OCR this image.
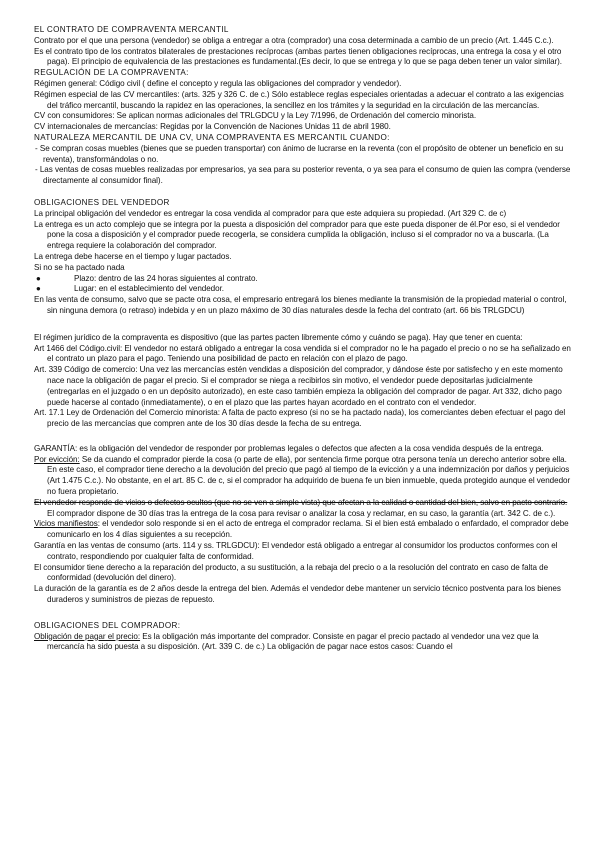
EL CONTRATO DE COMPRAVENTA MERCANTIL

Contrato por el que una persona (vendedor) se obliga a entregar a otra (comprador) una cosa determinada a cambio de un precio (Art. 1.445 C.c.).

Es el contrato tipo de los contratos bilaterales de prestaciones recíprocas (ambas partes tienen obligaciones recíprocas, una entrega la cosa y el otro paga). El principio de equivalencia de las prestaciones es fundamental.(Es decir, lo que se entrega y lo que se paga deben tener un valor similar).

REGULACIÓN DE LA COMPRAVENTA:

Régimen general: Código civil ( define el concepto y regula las obligaciones del comprador y vendedor).

Régimen especial de las CV mercantiles: (arts. 325 y 326 C. de c.) Sólo establece reglas especiales orientadas a adecuar el contrato a las exigencias del tráfico mercantil, buscando la rapidez en las operaciones, la sencillez en los trámites y la seguridad en la circulación de las mercancías.

CV con consumidores: Se aplican normas adicionales del TRLGDCU y la Ley 7/1996, de Ordenación del comercio minorista.

CV internacionales de mercancías: Regidas por la Convención de Naciones Unidas 11 de abril 1980.

NATURALEZA MERCANTIL DE UNA CV, UNA COMPRAVENTA ES MERCANTIL CUANDO:

- Se compran cosas muebles (bienes que se pueden transportar) con ánimo de lucrarse en la reventa (con el propósito de obtener un beneficio en su reventa), transformándolas o no.

- Las ventas de cosas muebles realizadas por empresarios, ya sea para su posterior reventa, o ya sea para el consumo de quien las compra (venderse directamente al consumidor final).

OBLIGACIONES DEL VENDEDOR

La principal obligación del vendedor es entregar la cosa vendida al comprador para que este adquiera su propiedad. (Art 329 C. de c)

La entrega es un acto complejo que se integra por la puesta a disposición del comprador para que este pueda disponer de él.Por eso, si el vendedor pone la cosa a disposición y el comprador puede recogerla, se considera cumplida la obligación, incluso si el comprador no va a buscarla. (La entrega requiere la colaboración del comprador.

La entrega debe hacerse en el tiempo y lugar pactados.

Si no se ha pactado nada

●	Plazo: dentro de las 24 horas siguientes al contrato.
●	Lugar: en el establecimiento del vendedor.

En las venta de consumo, salvo que se pacte otra cosa, el empresario entregará los bienes mediante la transmisión de la propiedad material o control, sin ninguna demora (o retraso) indebida y en un plazo máximo de 30 días naturales desde la fecha del contrato (art. 66 bis TRLGDCU)

El régimen jurídico de la compraventa es dispositivo (que las partes pacten libremente cómo y cuándo se paga). Hay que tener en cuenta:

Art 1466 del Código.civil: El vendedor no estará obligado a entregar la cosa vendida si el comprador no le ha pagado el precio o no se ha señalizado en el contrato un plazo para el pago. Teniendo una posibilidad de pacto en relación con el plazo de pago.

Art. 339 Código de comercio: Una vez las mercancías estén vendidas a disposición del comprador, y dándose éste por satisfecho y en este momento nace nace la obligación de pagar el precio. Si el comprador se niega a recibirlos sin motivo, el vendedor puede depositarlas judicialmente (entregarlas en el juzgado o en un depósito autorizado), en este caso también empieza la obligación del comprador de pagar. Art 332, dicho pago puede hacerse al contado (inmediatamente), o en el plazo que las partes hayan acordado en el contrato con el vendedor.

Art. 17.1 Ley de Ordenación del Comercio minorista: A falta de pacto expreso (si no se ha pactado nada), los comerciantes deben efectuar el pago del precio de las mercancías que compren ante de los 30 días desde la fecha de su entrega.

GARANTÍA: es la obligación del vendedor de responder por problemas legales o defectos que afecten a la cosa vendida después de la entrega.

Por evicción: Se da cuando el comprador pierde la cosa (o parte de ella), por sentencia firme porque otra persona tenía un derecho anterior sobre ella. En este caso, el comprador tiene derecho a la devolución del precio que pagó al tiempo de la evicción y a una indemnización por daños y perjuicios (Art 1.475 C.c.). No obstante, en el art. 85 C. de c, si el comprador ha adquirido de buena fe un bien inmueble, queda protegido aunque el vendedor no fuera propietario.

El vendedor responde de vicios o defectos ocultos (que no se ven a simple vista) que afectan a la calidad o cantidad del bien, salvo en pacto contrario. El comprador dispone de 30 días tras la entrega de la cosa para revisar o analizar la cosa y reclamar, en su caso, la garantía (art. 342 C. de c.).

Vicios manifiestos: el vendedor solo responde si en el acto de entrega el comprador reclama. Si el bien está embalado o enfardado, el comprador debe comunicarlo en los 4 días siguientes a su recepción.

Garantía en las ventas de consumo (arts. 114 y ss. TRLGDCU): El vendedor está obligado a entregar al consumidor los productos conformes con el contrato, respondiendo por cualquier falta de conformidad.

El consumidor tiene derecho a la reparación del producto, a su sustitución, a la rebaja del precio o a la resolución del contrato en caso de falta de conformidad (devolución del dinero).

La duración de la garantía es de 2 años desde la entrega del bien. Además el vendedor debe mantener un servicio técnico postventa para los bienes duraderos y suministros de piezas de repuesto.

OBLIGACIONES DEL COMPRADOR:

Obligación de pagar el precio: Es la obligación más importante del comprador. Consiste en pagar el precio pactado al vendedor una vez que la mercancía ha sido puesta a su disposición. (Art. 339 C. de c.) La obligación de pagar nace estos casos: Cuando el
